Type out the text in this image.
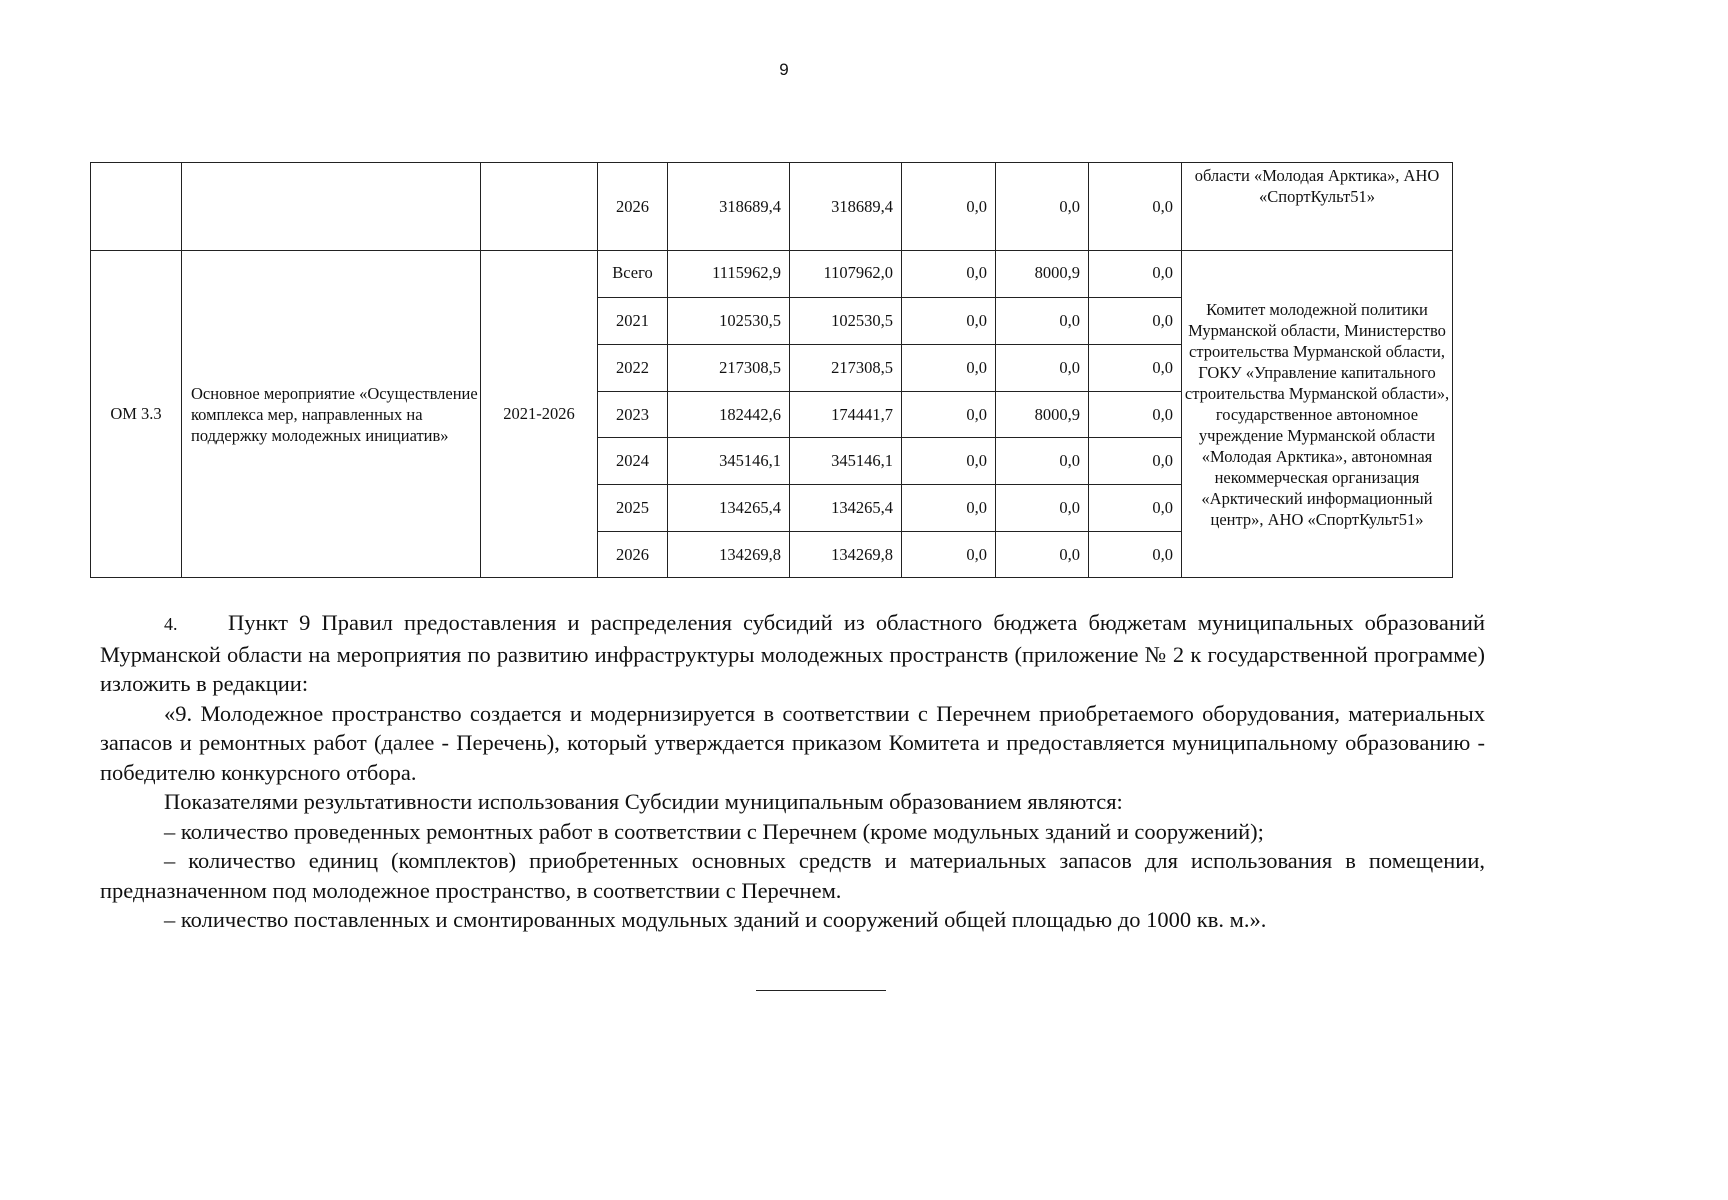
9
			2026	318689,4	318689,4	0,0	0,0	0,0	области «Молодая Арктика», АНО «СпортКульт51»
ОМ 3.3	Основное мероприятие «Осуществление комплекса мер, направленных на поддержку молодежных инициатив»	2021-2026	Всего	1115962,9	1107962,0	0,0	8000,9	0,0	Комитет молодежной политики Мурманской области, Министерство строительства Мурманской области, ГОКУ «Управление капитального строительства Мурманской области», государственное автономное учреждение Мурманской области «Молодая Арктика», автономная некоммерческая организация «Арктический информационный центр», АНО «СпортКульт51»
			2021	102530,5	102530,5	0,0	0,0	0,0	
			2022	217308,5	217308,5	0,0	0,0	0,0	
			2023	182442,6	174441,7	0,0	8000,9	0,0	
			2024	345146,1	345146,1	0,0	0,0	0,0	
			2025	134265,4	134265,4	0,0	0,0	0,0	
			2026	134269,8	134269,8	0,0	0,0	0,0	

4. Пункт 9 Правил предоставления и распределения субсидий из областного бюджета бюджетам муниципальных образований Мурманской области на мероприятия по развитию инфраструктуры молодежных пространств (приложение № 2 к государственной программе) изложить в редакции:

«9. Молодежное пространство создается и модернизируется в соответствии с Перечнем приобретаемого оборудования, материальных запасов и ремонтных работ (далее - Перечень), который утверждается приказом Комитета и предоставляется муниципальному образованию - победителю конкурсного отбора.

Показателями результативности использования Субсидии муниципальным образованием являются:

– количество проведенных ремонтных работ в соответствии с Перечнем (кроме модульных зданий и сооружений);

– количество единиц (комплектов) приобретенных основных средств и материальных запасов для использования в помещении, предназначенном под молодежное пространство, в соответствии с Перечнем.

– количество поставленных и смонтированных модульных зданий и сооружений общей площадью до 1000 кв. м.».
